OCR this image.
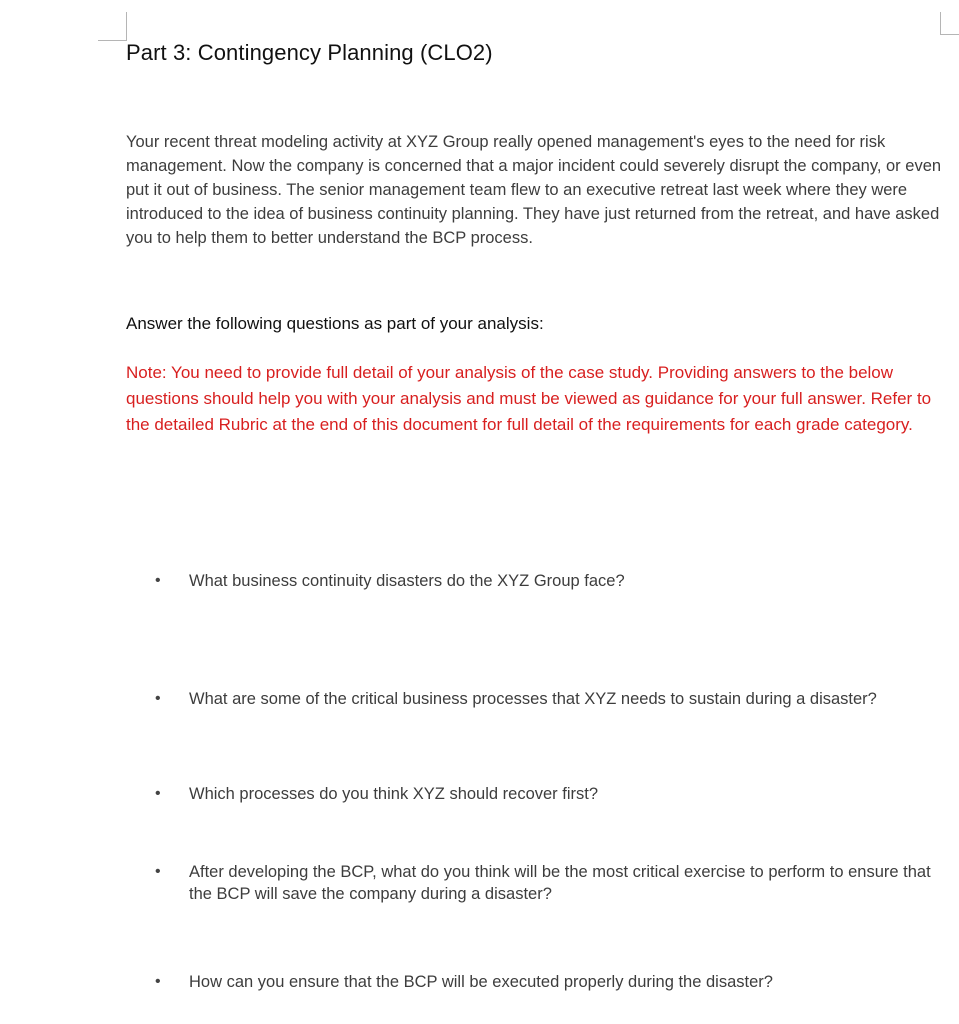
Part 3: Contingency Planning (CLO2)

Your recent threat modeling activity at XYZ Group really opened management's eyes to the need for risk management. Now the company is concerned that a major incident could severely disrupt the company, or even put it out of business. The senior management team flew to an executive retreat last week where they were introduced to the idea of business continuity planning. They have just returned from the retreat, and have asked you to help them to better understand the BCP process.

Answer the following questions as part of your analysis:

Note: You need to provide full detail of your analysis of the case study. Providing answers to the below questions should help you with your analysis and must be viewed as guidance for your full answer. Refer to the detailed Rubric at the end of this document for full detail of the requirements for each grade category.

•	What business continuity disasters do the XYZ Group face?
•	What are some of the critical business processes that XYZ needs to sustain during a disaster?
•	Which processes do you think XYZ should recover first?
•	After developing the BCP, what do you think will be the most critical exercise to perform to ensure that the BCP will save the company during a disaster?
•	How can you ensure that the BCP will be executed properly during the disaster?
